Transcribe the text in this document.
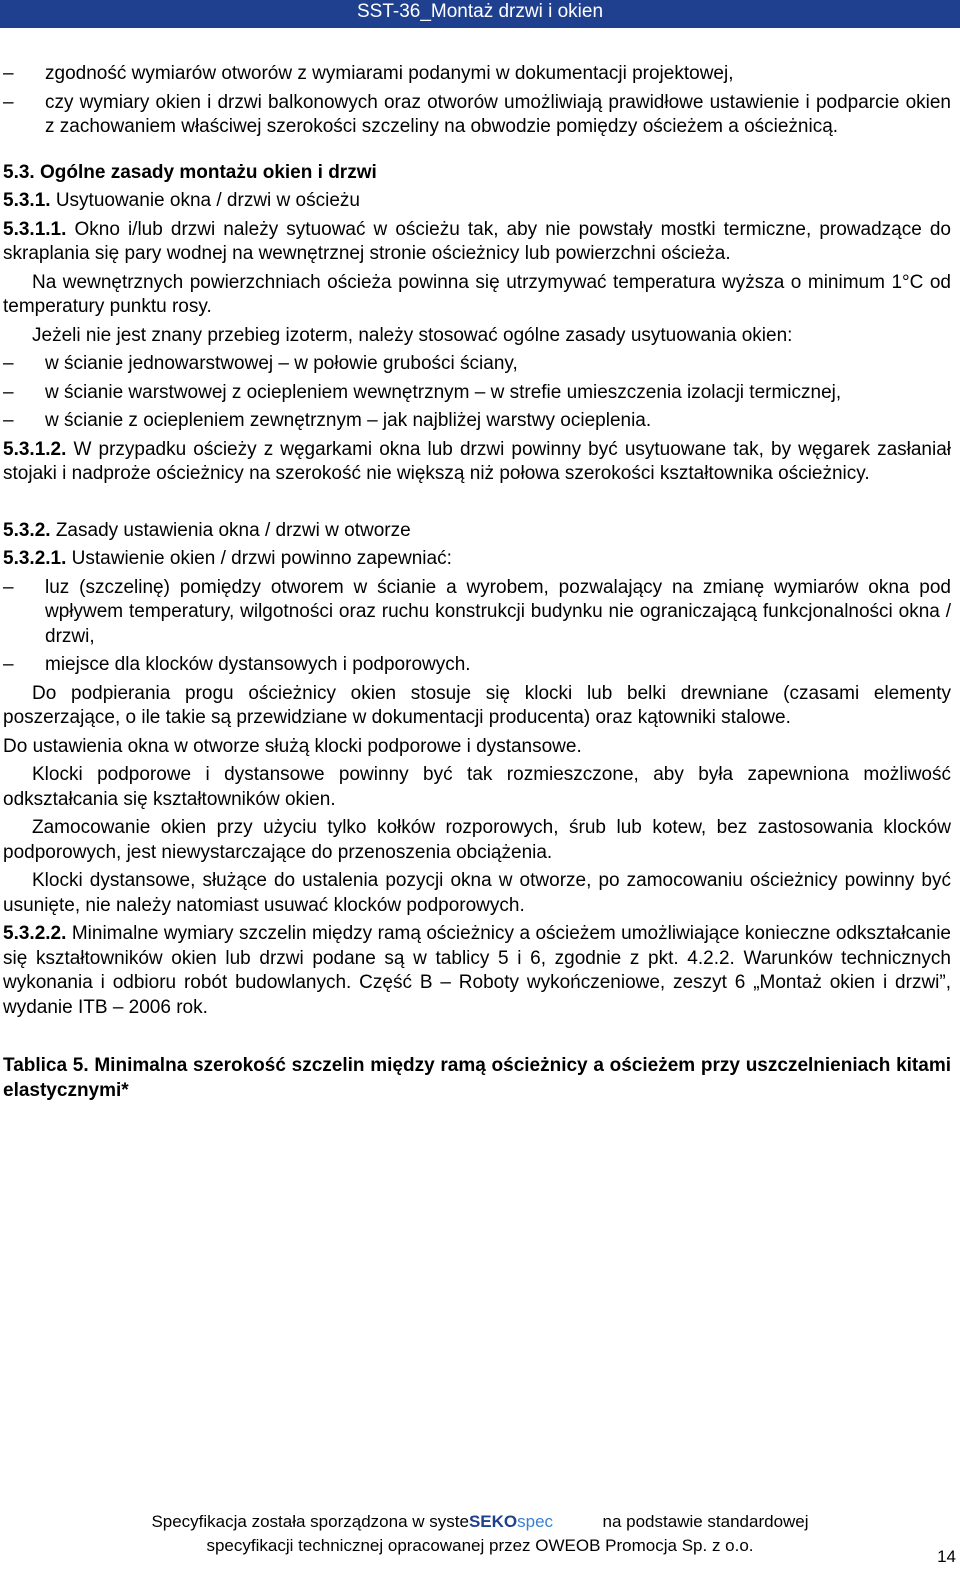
SST-36_Montaż drzwi i okien
– zgodność wymiarów otworów z wymiarami podanymi w dokumentacji projektowej,
– czy wymiary okien i drzwi balkonowych oraz otworów umożliwiają prawidłowe ustawienie i podparcie okien z zachowaniem właściwej szerokości szczeliny na obwodzie pomiędzy ościeżem a ościeżnicą.

5.3. Ogólne zasady montażu okien i drzwi

5.3.1. Usytuowanie okna / drzwi w ościeżu

5.3.1.1. Okno i/lub drzwi należy sytuować w ościeżu tak, aby nie powstały mostki termiczne, prowadzące do skraplania się pary wodnej na wewnętrznej stronie ościeżnicy lub powierzchni ościeża.

Na wewnętrznych powierzchniach ościeża powinna się utrzymywać temperatura wyższa o minimum 1°C od temperatury punktu rosy.

Jeżeli nie jest znany przebieg izoterm, należy stosować ogólne zasady usytuowania okien:

– w ścianie jednowarstwowej – w połowie grubości ściany,
– w ścianie warstwowej z ociepleniem wewnętrznym – w strefie umieszczenia izolacji termicznej,
– w ścianie z ociepleniem zewnętrznym – jak najbliżej warstwy ocieplenia.

5.3.1.2. W przypadku ościeży z węgarkami okna lub drzwi powinny być usytuowane tak, by węgarek zasłaniał stojaki i nadproże ościeżnicy na szerokość nie większą niż połowa szerokości kształtownika ościeżnicy.

5.3.2. Zasady ustawienia okna / drzwi w otworze

5.3.2.1. Ustawienie okien / drzwi powinno zapewniać:

– luz (szczelinę) pomiędzy otworem w ścianie a wyrobem, pozwalający na zmianę wymiarów okna pod wpływem temperatury, wilgotności oraz ruchu konstrukcji budynku nie ograniczającą funkcjonalności okna / drzwi,
– miejsce dla klocków dystansowych i podporowych.

Do podpierania progu ościeżnicy okien stosuje się klocki lub belki drewniane (czasami elementy poszerzające, o ile takie są przewidziane w dokumentacji producenta) oraz kątowniki stalowe.

Do ustawienia okna w otworze służą klocki podporowe i dystansowe.

Klocki podporowe i dystansowe powinny być tak rozmieszczone, aby była zapewniona możliwość odkształcania się kształtowników okien.

Zamocowanie okien przy użyciu tylko kołków rozporowych, śrub lub kotew, bez zastosowania klocków podporowych, jest niewystarczające do przenoszenia obciążenia.

Klocki dystansowe, służące do ustalenia pozycji okna w otworze, po zamocowaniu ościeżnicy powinny być usunięte, nie należy natomiast usuwać klocków podporowych.

5.3.2.2. Minimalne wymiary szczelin między ramą ościeżnicy a ościeżem umożliwiające konieczne odkształcanie się kształtowników okien lub drzwi podane są w tablicy 5 i 6, zgodnie z pkt. 4.2.2. Warunków technicznych wykonania i odbioru robót budowlanych. Część B – Roboty wykończeniowe, zeszyt 6 „Montaż okien i drzwi”, wydanie ITB – 2006 rok.

Tablica 5. Minimalna szerokość szczelin między ramą ościeżnicy a ościeżem przy uszczelnieniach kitami elastycznymi*

Specyfikacja została sporządzona w systeSEKOspec	na podstawie standardowej
specyfikacji technicznej opracowanej przez OWEOB Promocja Sp. z o.o.
14
